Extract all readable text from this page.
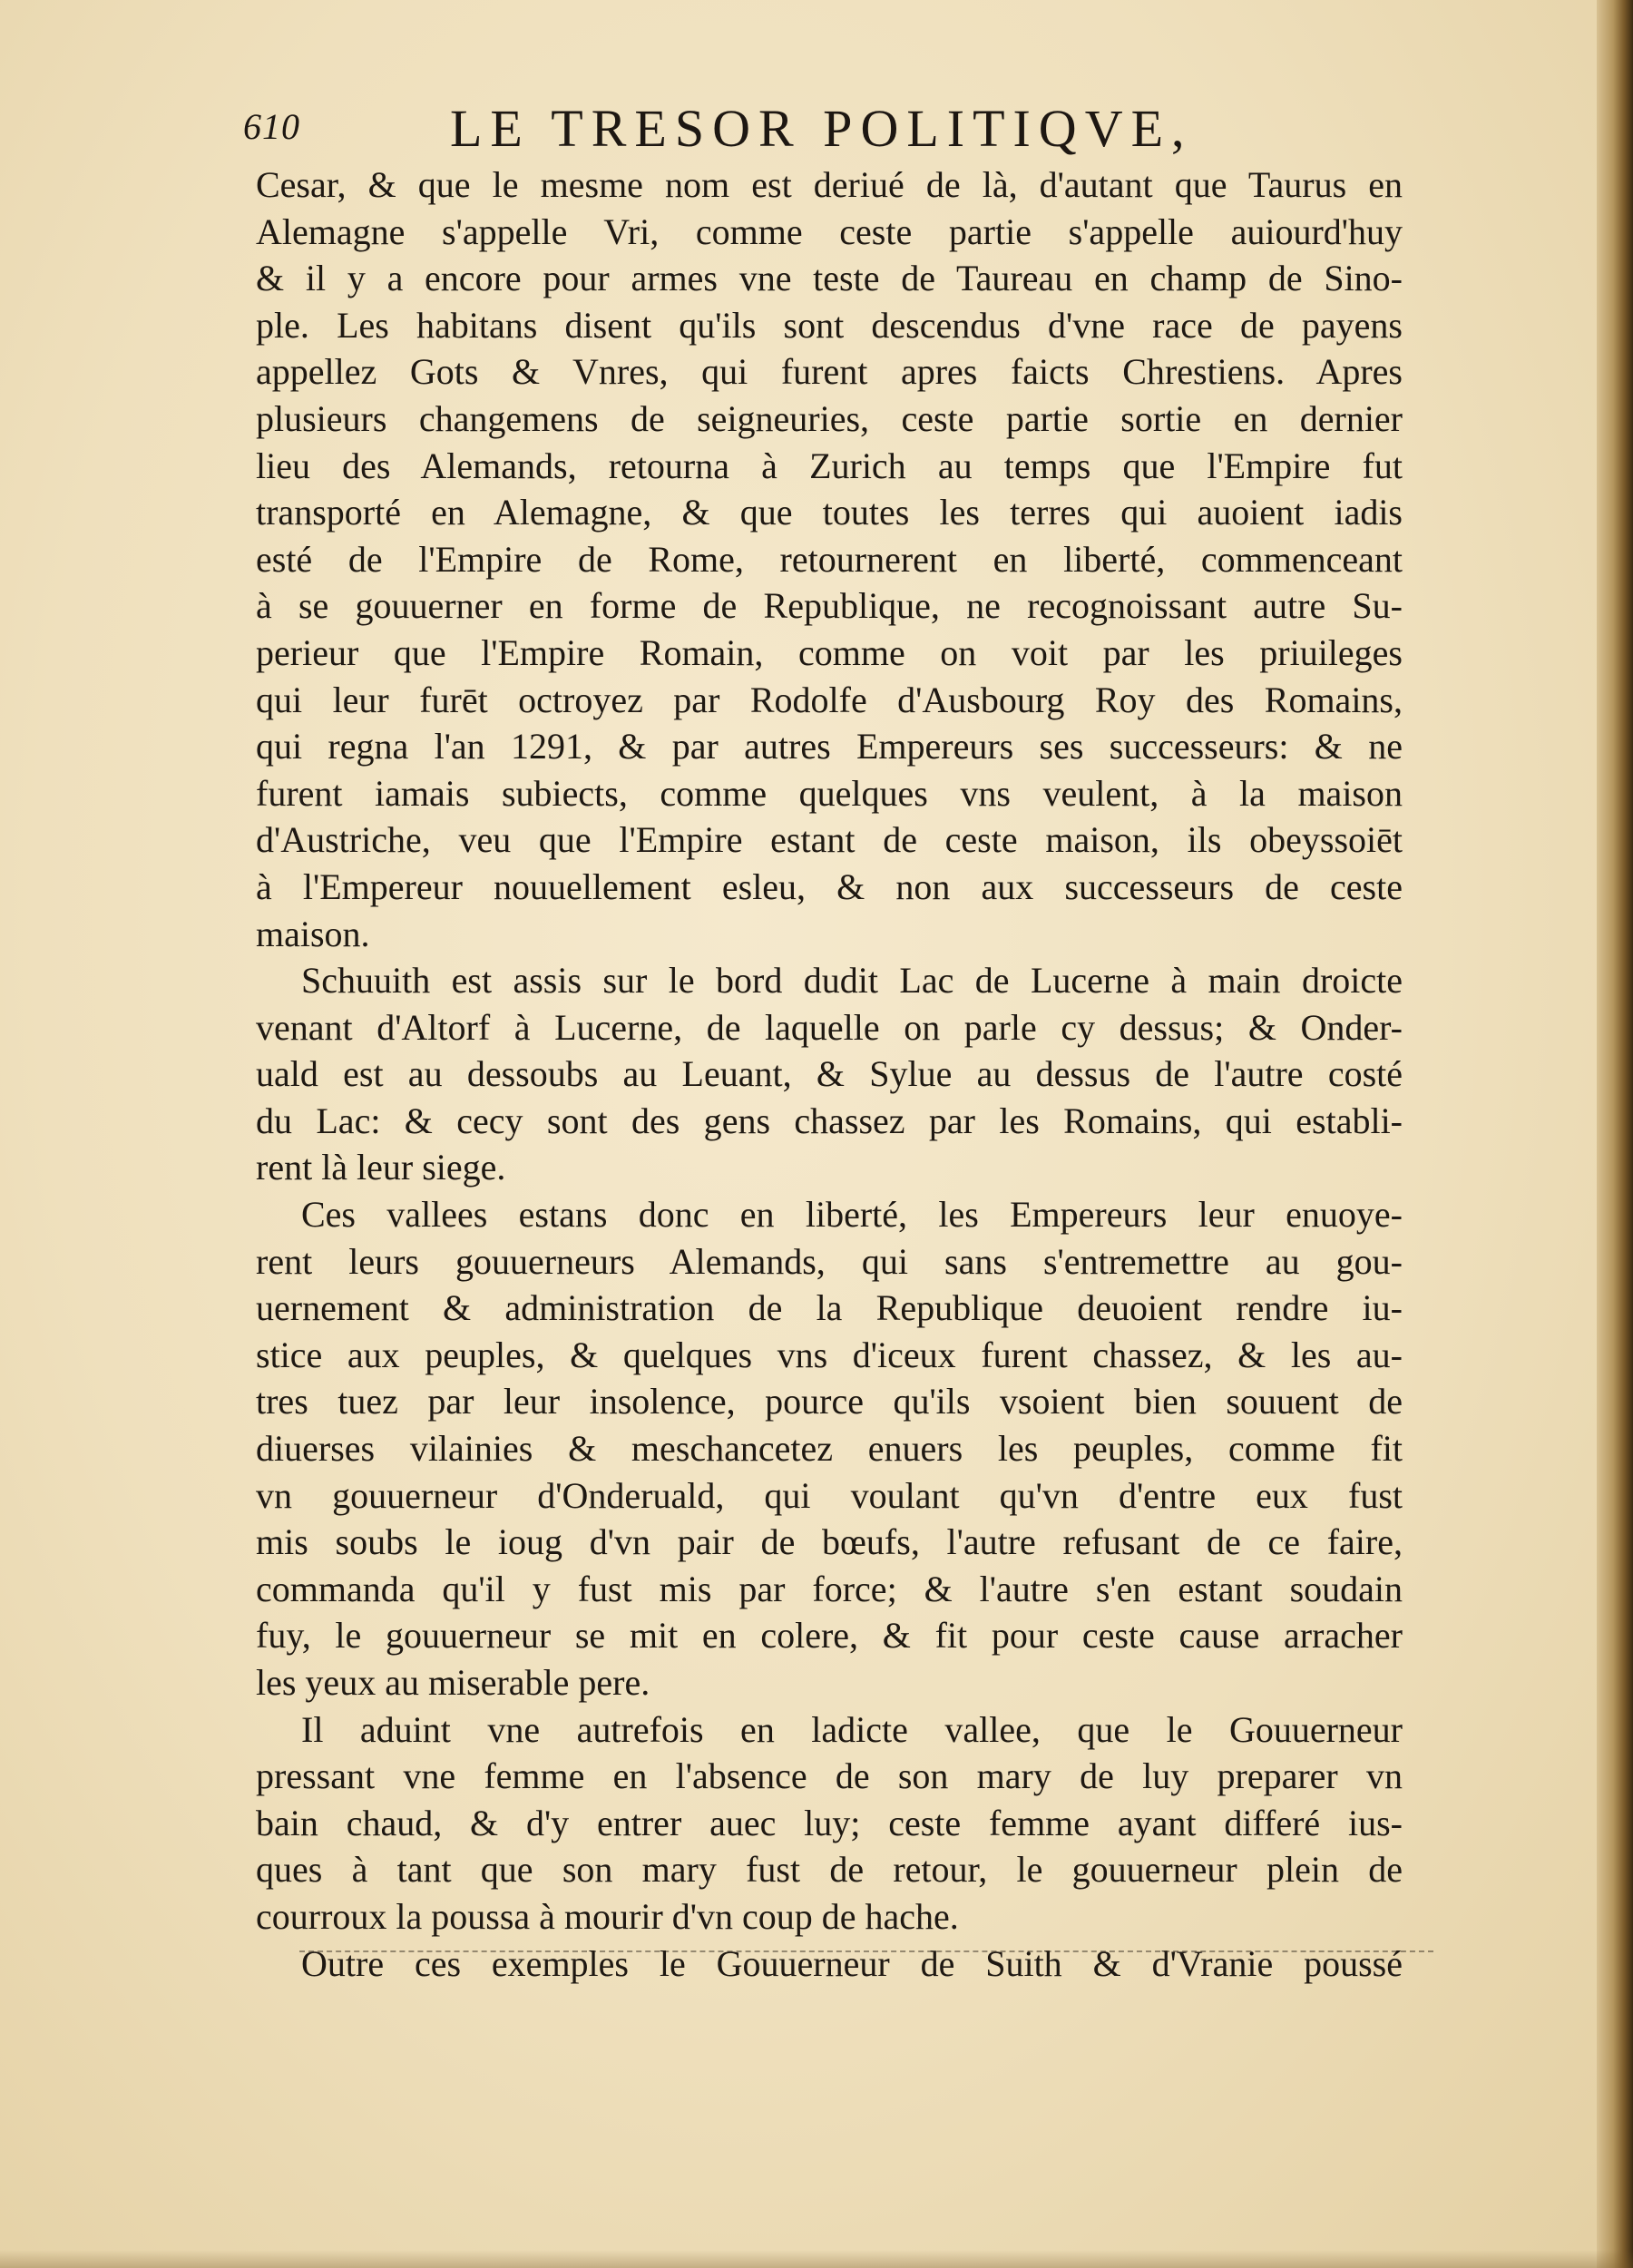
610	LE TRESOR POLITIQVE,
Cesar, & que le mesme nom est deriué de là, d'autant que Taurus en
Alemagne s'appelle Vri, comme ceste partie s'appelle auiourd'huy
& il y a encore pour armes vne teste de Taureau en champ de Sino-
ple. Les habitans disent qu'ils sont descendus d'vne race de payens
appellez Gots & Vnres, qui furent apres faicts Chrestiens. Apres
plusieurs changemens de seigneuries, ceste partie sortie en dernier
lieu des Alemands, retourna à Zurich au temps que l'Empire fut
transporté en Alemagne, & que toutes les terres qui auoient iadis
esté de l'Empire de Rome, retournerent en liberté, commenceant
à se gouuerner en forme de Republique, ne recognoissant autre Su-
perieur que l'Empire Romain, comme on voit par les priuileges
qui leur furēt octroyez par Rodolfe d'Ausbourg Roy des Romains,
qui regna l'an 1291, & par autres Empereurs ses successeurs: & ne
furent iamais subiects, comme quelques vns veulent, à la maison
d'Austriche, veu que l'Empire estant de ceste maison, ils obeyssoiēt
à l'Empereur nouuellement esleu, & non aux successeurs de ceste
maison.
Schuuith est assis sur le bord dudit Lac de Lucerne à main droicte
venant d'Altorf à Lucerne, de laquelle on parle cy dessus; & Onder-
uald est au dessoubs au Leuant, & Sylue au dessus de l'autre costé
du Lac: & cecy sont des gens chassez par les Romains, qui establi-
rent là leur siege.
Ces vallees estans donc en liberté, les Empereurs leur enuoye-
rent leurs gouuerneurs Alemands, qui sans s'entremettre au gou-
uernement & administration de la Republique deuoient rendre iu-
stice aux peuples, & quelques vns d'iceux furent chassez, & les au-
tres tuez par leur insolence, pource qu'ils vsoient bien souuent de
diuerses vilainies & meschancetez enuers les peuples, comme fit
vn gouuerneur d'Onderuald, qui voulant qu'vn d'entre eux fust
mis soubs le ioug d'vn pair de bœufs, l'autre refusant de ce faire,
commanda qu'il y fust mis par force; & l'autre s'en estant soudain
fuy, le gouuerneur se mit en colere, & fit pour ceste cause arracher
les yeux au miserable pere.
Il aduint vne autrefois en ladicte vallee, que le Gouuerneur
pressant vne femme en l'absence de son mary de luy preparer vn
bain chaud, & d'y entrer auec luy; ceste femme ayant differé ius-
ques à tant que son mary fust de retour, le gouuerneur plein de
courroux la poussa à mourir d'vn coup de hache.
Outre ces exemples le Gouuerneur de Suith & d'Vranie poussé
